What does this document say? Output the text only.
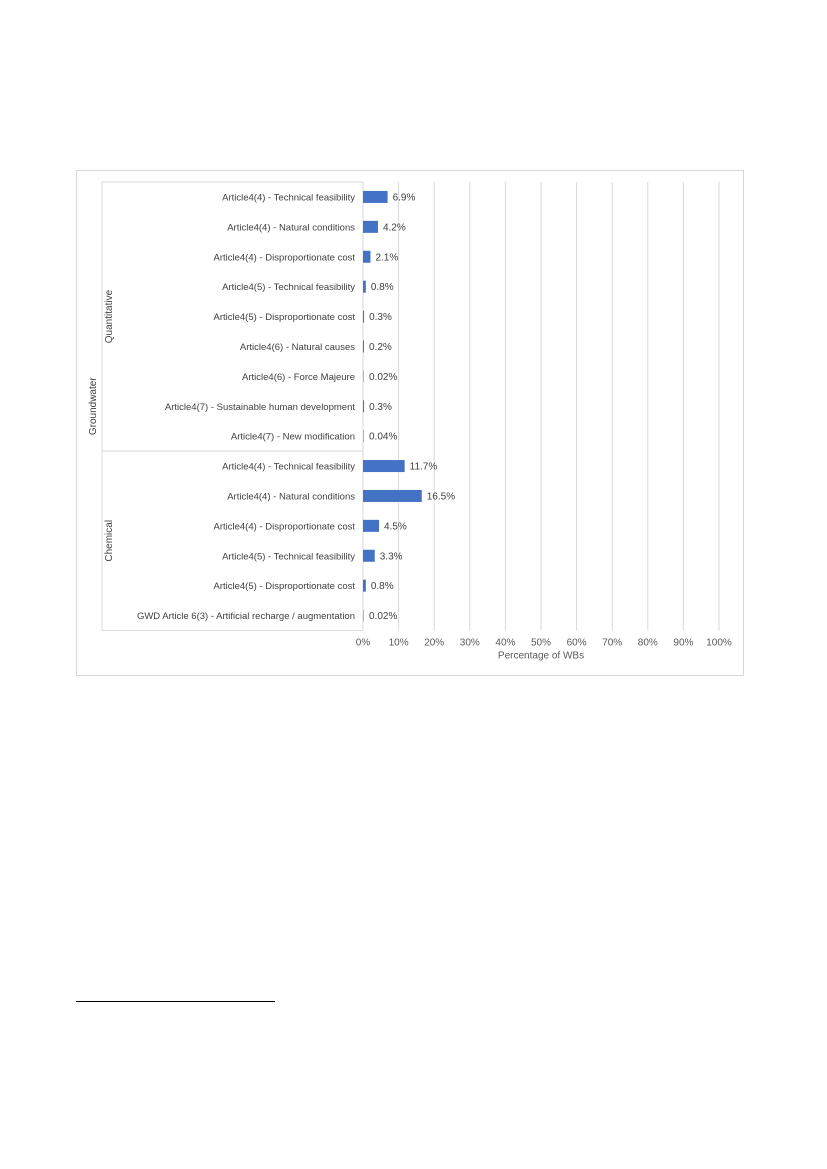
0% 10% 20% 30% 40% 50% 60% 70% 80% 90% 100%
Article4(4) - Technical feasibility	6.9%
Article4(4) - Natural conditions	4.2%
Article4(4) - Disproportionate cost 2.1%
Article4(5) - Technical feasibility 0.8%
Article4(5) - Disproportionate cost 0.3%
Article4(6) - Natural causes 0.2%
Article4(6) - Force Majeure 0.02%
Article4(7) - Sustainable human development 0.3%
Article4(7) - New modification 0.04%
Quantitative
Article4(4) - Technical feasibility	11.7%
Article4(4) - Natural conditions	16.5%
Article4(4) - Disproportionate cost	4.5%
Article4(5) - Technical feasibility 3.3%
Article4(5) - Disproportionate cost 0.8%
GWD Article 6(3) - Artificial recharge / augmentation 0.02%
Chemical
Groundwater
Percentage of WBs
